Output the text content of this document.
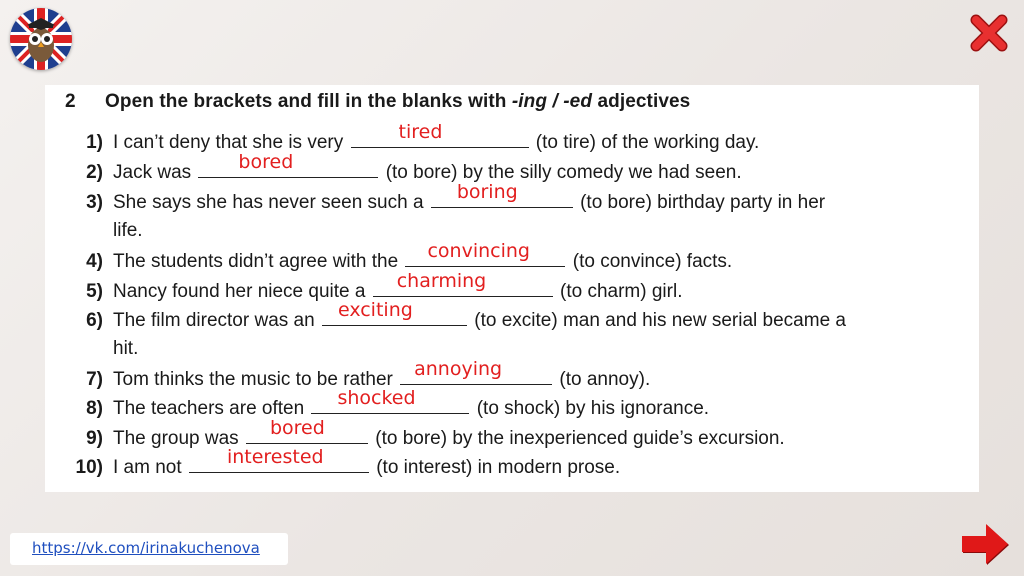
2 Open the brackets and fill in the blanks with -ing / -ed adjectives
1) I can’t deny that she is very	tired	(to tire) of the working day.
2) Jack was bored	(to bore) by the silly comedy we had seen.
3) She says she has never seen such a boring	(to bore) birthday party in her
life.
4) The students didn’t agree with the convincing (to convince) facts.
5) Nancy found her niece quite a charming	(to charm) girl.
6) The film director was an exciting	(to excite) man and his new serial became a
hit.
7) Tom thinks the music to be rather annoying	(to annoy).
8) The teachers are often shocked	(to shock) by his ignorance.
9) The group was bored	(to bore) by the inexperienced guide’s excursion.
10) I am not interested	(to interest) in modern prose.
https://vk.com/irinakuchenova
